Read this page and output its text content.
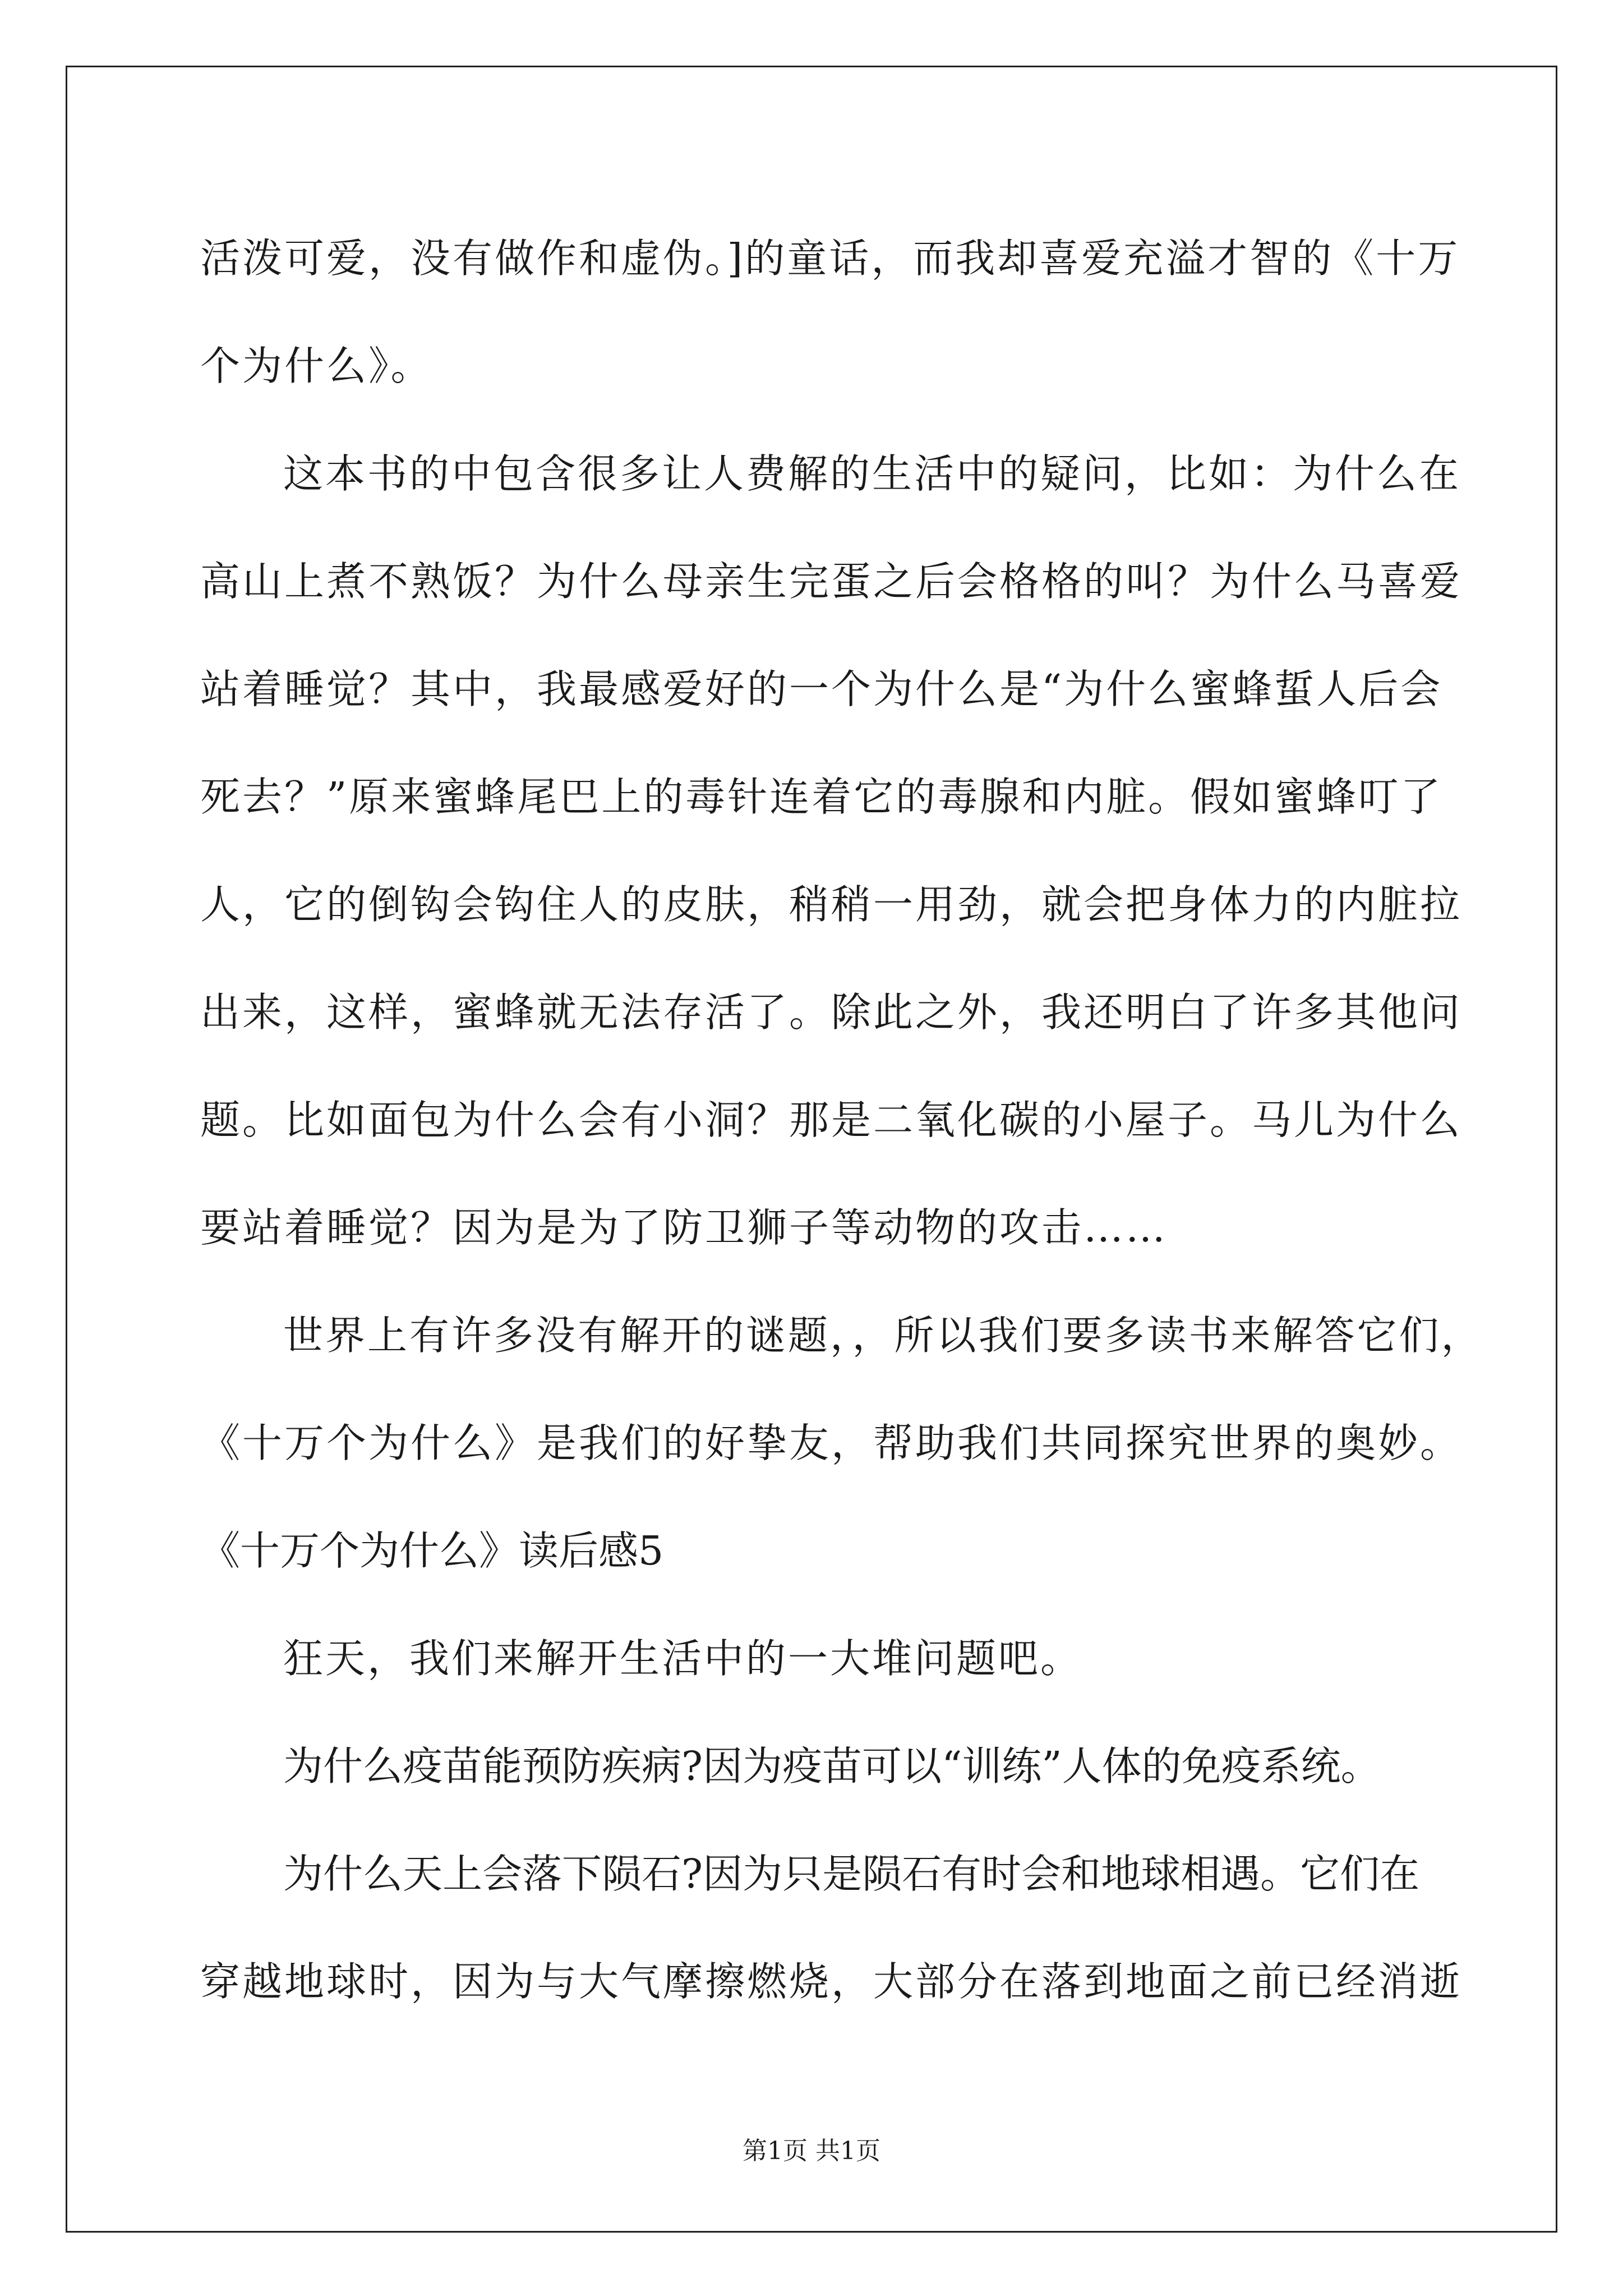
活泼可爱，没有做作和虚伪。]的童话，而我却喜爱充溢才智的《十万
个为什么》。
这本书的中包含很多让人费解的生活中的疑问，比如：为什么在
高山上煮不熟饭？为什么母亲生完蛋之后会格格的叫？为什么马喜爱
站着睡觉？其中，我最感爱好的一个为什么是“为什么蜜蜂蜇人后会
死去？”原来蜜蜂尾巴上的毒针连着它的毒腺和内脏。假如蜜蜂叮了
人，它的倒钩会钩住人的皮肤，稍稍一用劲，就会把身体力的内脏拉
出来，这样，蜜蜂就无法存活了。除此之外，我还明白了许多其他问
题。比如面包为什么会有小洞？那是二氧化碳的小屋子。马儿为什么
要站着睡觉？因为是为了防卫狮子等动物的攻击……
世界上有许多没有解开的谜题，，所以我们要多读书来解答它们，
《十万个为什么》是我们的好挚友，帮助我们共同探究世界的奥妙。
《十万个为什么》读后感5
狂天，我们来解开生活中的一大堆问题吧。
为什么疫苗能预防疾病?因为疫苗可以“训练”人体的免疫系统。
为什么天上会落下陨石?因为只是陨石有时会和地球相遇。它们在
穿越地球时，因为与大气摩擦燃烧，大部分在落到地面之前已经消逝
第1页 共1页
